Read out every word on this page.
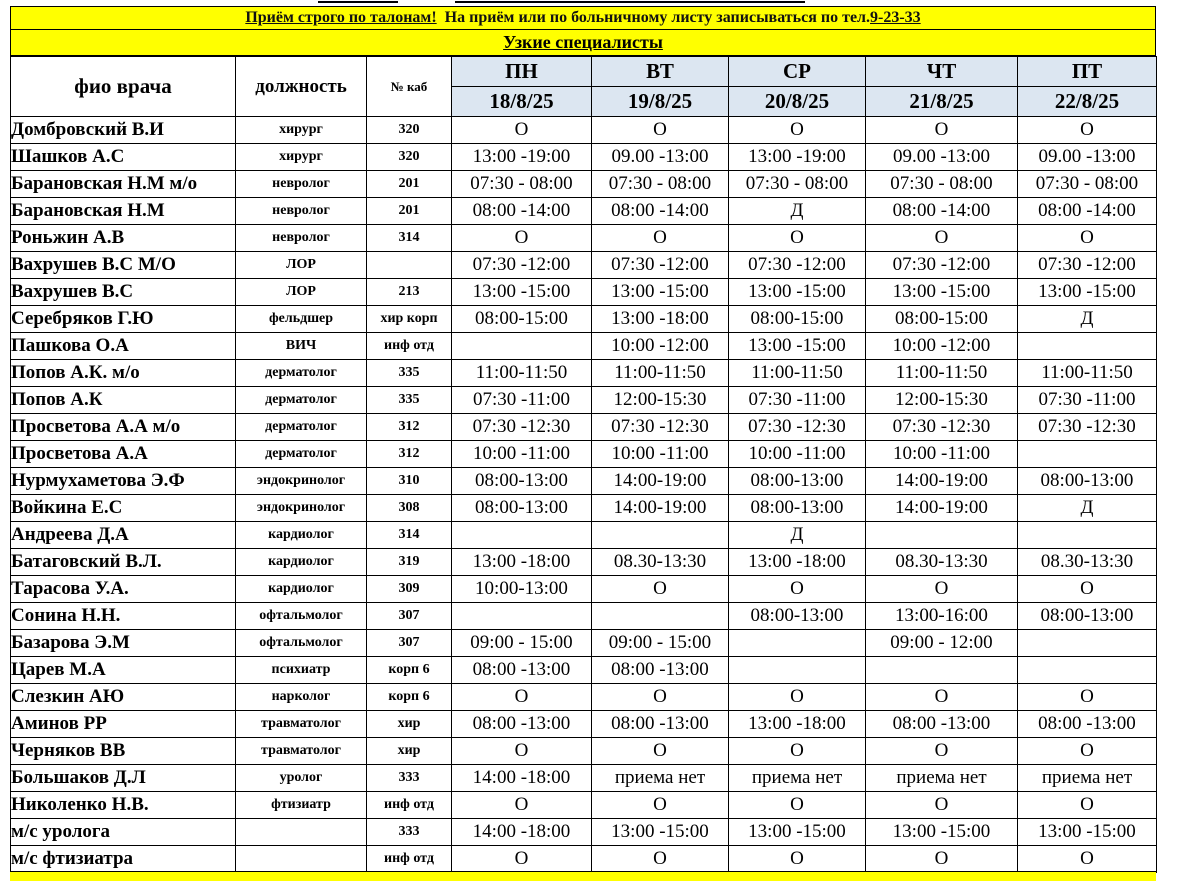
Приём строго по талонам! На приём или по больничному листу записываться по тел.9-23-33
Узкие специалисты
фио врача	должность	№ каб	ПН	ВТ	СР	ЧТ	ПТ
			18/8/25	19/8/25	20/8/25	21/8/25	22/8/25
Домбровский В.И	хирург	320	О	О	О	О	О
Шашков А.С	хирург	320	13:00 -19:00	09.00 -13:00	13:00 -19:00	09.00 -13:00	09.00 -13:00
Барановская Н.М м/о	невролог	201	07:30 - 08:00	07:30 - 08:00	07:30 - 08:00	07:30 - 08:00	07:30 - 08:00
Барановская Н.М	невролог	201	08:00 -14:00	08:00 -14:00	Д	08:00 -14:00	08:00 -14:00
Роньжин А.В	невролог	314	О	О	О	О	О
Вахрушев В.С М/О	ЛОР		07:30 -12:00	07:30 -12:00	07:30 -12:00	07:30 -12:00	07:30 -12:00
Вахрушев В.С	ЛОР	213	13:00 -15:00	13:00 -15:00	13:00 -15:00	13:00 -15:00	13:00 -15:00
Серебряков Г.Ю	фельдшер	хир корп	08:00-15:00	13:00 -18:00	08:00-15:00	08:00-15:00	Д
Пашкова О.А	ВИЧ	инф отд		10:00 -12:00	13:00 -15:00	10:00 -12:00	
Попов А.К. м/о	дерматолог	335	11:00-11:50	11:00-11:50	11:00-11:50	11:00-11:50	11:00-11:50
Попов А.К	дерматолог	335	07:30 -11:00	12:00-15:30	07:30 -11:00	12:00-15:30	07:30 -11:00
Просветова А.А м/о	дерматолог	312	07:30 -12:30	07:30 -12:30	07:30 -12:30	07:30 -12:30	07:30 -12:30
Просветова А.А	дерматолог	312	10:00 -11:00	10:00 -11:00	10:00 -11:00	10:00 -11:00	
Нурмухаметова Э.Ф	эндокринолог	310	08:00-13:00	14:00-19:00	08:00-13:00	14:00-19:00	08:00-13:00
Войкина Е.С	эндокринолог	308	08:00-13:00	14:00-19:00	08:00-13:00	14:00-19:00	Д
Андреева Д.А	кардиолог	314			Д		
Батаговский В.Л.	кардиолог	319	13:00 -18:00	08.30-13:30	13:00 -18:00	08.30-13:30	08.30-13:30
Тарасова У.А.	кардиолог	309	10:00-13:00	О	О	О	О
Сонина Н.Н.	офтальмолог	307			08:00-13:00	13:00-16:00	08:00-13:00
Базарова Э.М	офтальмолог	307	09:00 - 15:00	09:00 - 15:00		09:00 - 12:00	
Царев М.А	психиатр	корп 6	08:00 -13:00	08:00 -13:00			
Слезкин АЮ	нарколог	корп 6	О	О	О	О	О
Аминов РР	травматолог	хир	08:00 -13:00	08:00 -13:00	13:00 -18:00	08:00 -13:00	08:00 -13:00
Черняков ВВ	травматолог	хир	О	О	О	О	О
Большаков Д.Л	уролог	333	14:00 -18:00	приема нет	приема нет	приема нет	приема нет
Николенко Н.В.	фтизиатр	инф отд	О	О	О	О	О
м/с уролога		333	14:00 -18:00	13:00 -15:00	13:00 -15:00	13:00 -15:00	13:00 -15:00
м/с фтизиатра		инф отд	О	О	О	О	О
